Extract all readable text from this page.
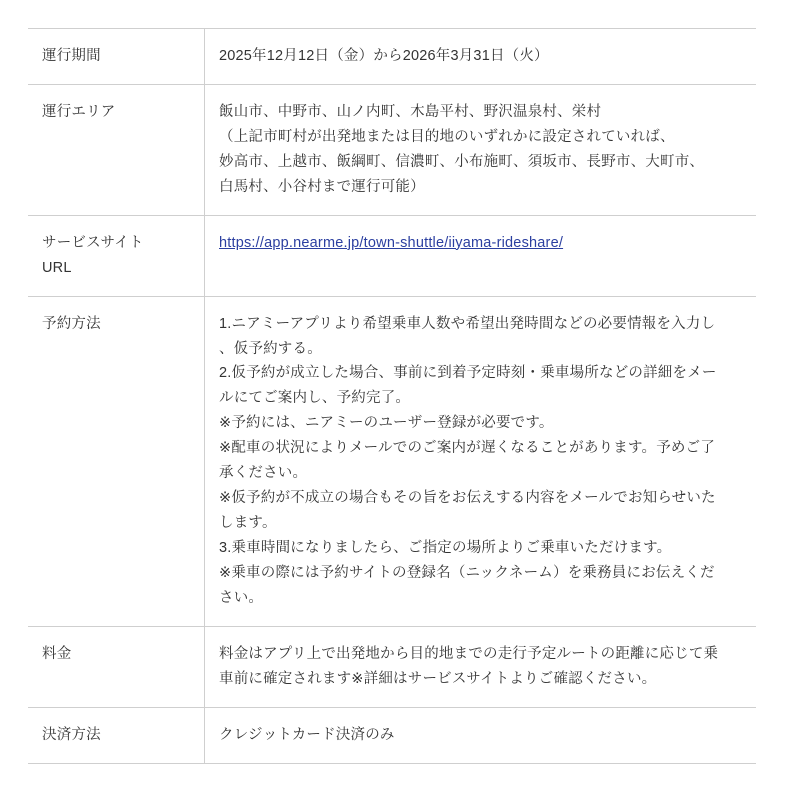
運行期間	2025年12月12日（金）から2026年3月31日（火）

運行エリア	飯山市、中野市、山ノ内町、木島平村、野沢温泉村、栄村
（上記市町村が出発地または目的地のいずれかに設定されていれば、
妙高市、上越市、飯綱町、信濃町、小布施町、須坂市、長野市、大町市、
白馬村、小谷村まで運行可能）

サービスサイト
URL	https://app.nearme.jp/town-shuttle/iiyama-rideshare/

予約方法	1.ニアミーアプリより希望乗車人数や希望出発時間などの必要情報を入力し
、仮予約する。
2.仮予約が成立した場合、事前に到着予定時刻・乗車場所などの詳細をメー
ルにてご案内し、予約完了。
※予約には、ニアミーのユーザー登録が必要です。
※配車の状況によりメールでのご案内が遅くなることがあります。予めご了
承ください。
※仮予約が不成立の場合もその旨をお伝えする内容をメールでお知らせいた
します。
3.乗車時間になりましたら、ご指定の場所よりご乗車いただけます。
※乗車の際には予約サイトの登録名（ニックネーム）を乗務員にお伝えくだ
さい。

料金	料金はアプリ上で出発地から目的地までの走行予定ルートの距離に応じて乗
車前に確定されます※詳細はサービスサイトよりご確認ください。

決済方法	クレジットカード決済のみ
